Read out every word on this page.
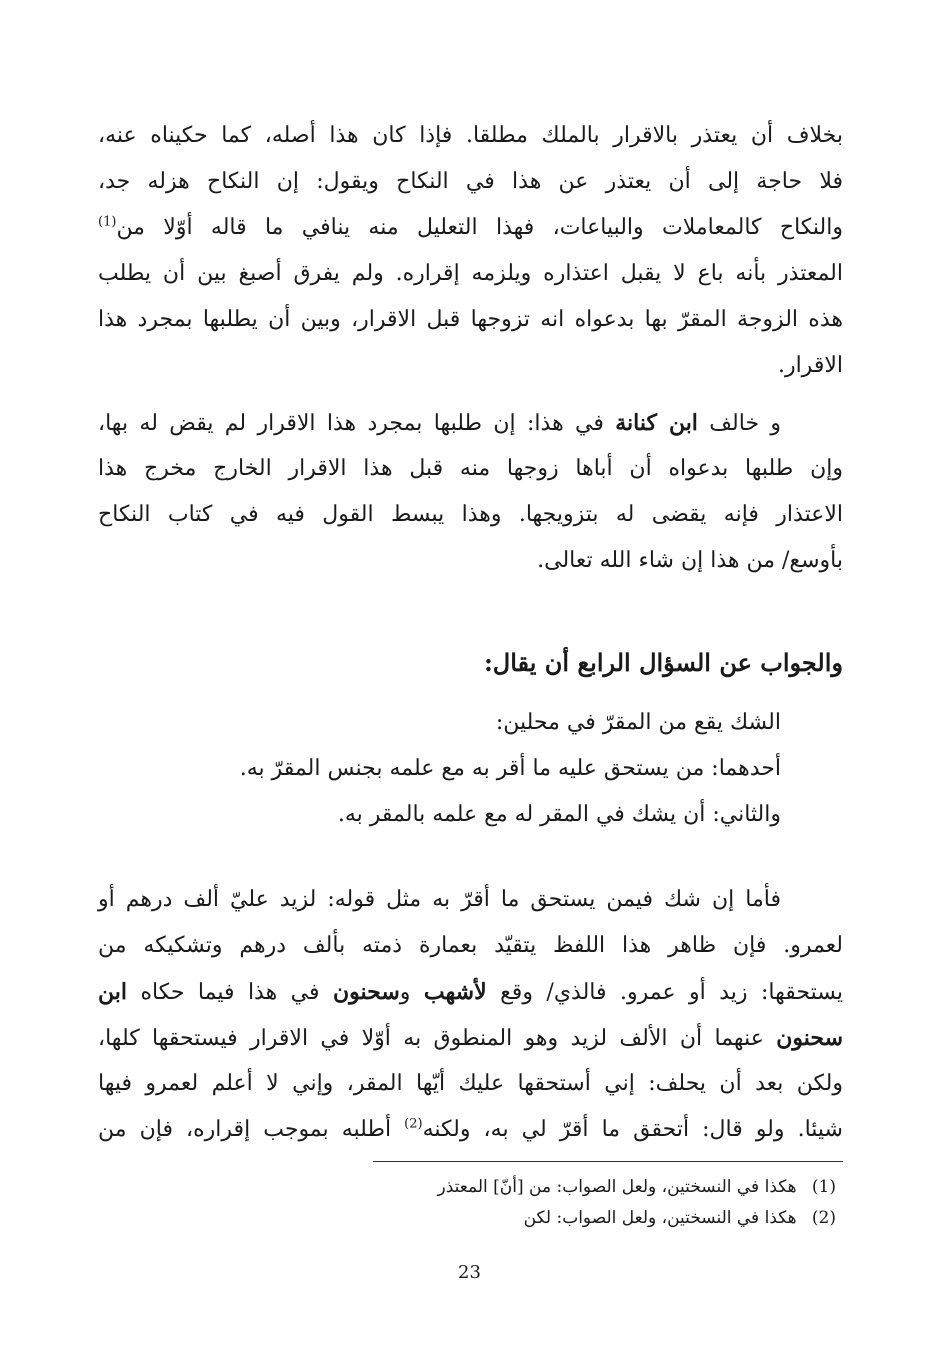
بخلاف أن يعتذر بالاقرار بالملك مطلقا. فإذا كان هذا أصله، كما حكيناه عنه،
فلا حاجة إلى أن يعتذر عن هذا في النكاح ويقول: إن النكاح هزله جد،
والنكاح كالمعاملات والبياعات، فهذا التعليل منه ينافي ما قاله أوّلا من$^{(1)}$
المعتذر بأنه باع لا يقبل اعتذاره ويلزمه إقراره. ولم يفرق أصبغ بين أن يطلب
هذه الزوجة المقرّ بها بدعواه انه تزوجها قبل الاقرار، وبين أن يطلبها بمجرد هذا
الاقرار.
و خالف ابن كنانة في هذا: إن طلبها بمجرد هذا الاقرار لم يقض له بها،
وإن طلبها بدعواه أن أباها زوجها منه قبل هذا الاقرار الخارج مخرج هذا
الاعتذار فإنه يقضى له بتزويجها. وهذا يبسط القول فيه في كتاب النكاح
بأوسع/ من هذا إن شاء الله تعالى.
والجواب عن السؤال الرابع أن يقال:
الشك يقع من المقرّ في محلين:
أحدهما: من يستحق عليه ما أقر به مع علمه بجنس المقرّ به.
والثاني: أن يشك في المقر له مع علمه بالمقر به.
فأما إن شك فيمن يستحق ما أقرّ به مثل قوله: لزيد عليّ ألف درهم أو
لعمرو. فإن ظاهر هذا اللفظ يتقيّد بعمارة ذمته بألف درهم وتشكيكه من
يستحقها: زيد أو عمرو. فالذي/ وقع لأشهب وسحنون في هذا فيما حكاه ابن
سحنون عنهما أن الألف لزيد وهو المنطوق به أوّلا في الاقرار فيستحقها كلها،
ولكن بعد أن يحلف: إني أستحقها عليك أيّها المقر، وإني لا أعلم لعمرو فيها
شيئا. ولو قال: أتحقق ما أقرّ لي به، ولكنه$^{(2)}$ أطلبه بموجب إقراره، فإن من
(1) هكذا في النسختين، ولعل الصواب: من [أنّ] المعتذر
(2) هكذا في النسختين، ولعل الصواب: لكن
23
